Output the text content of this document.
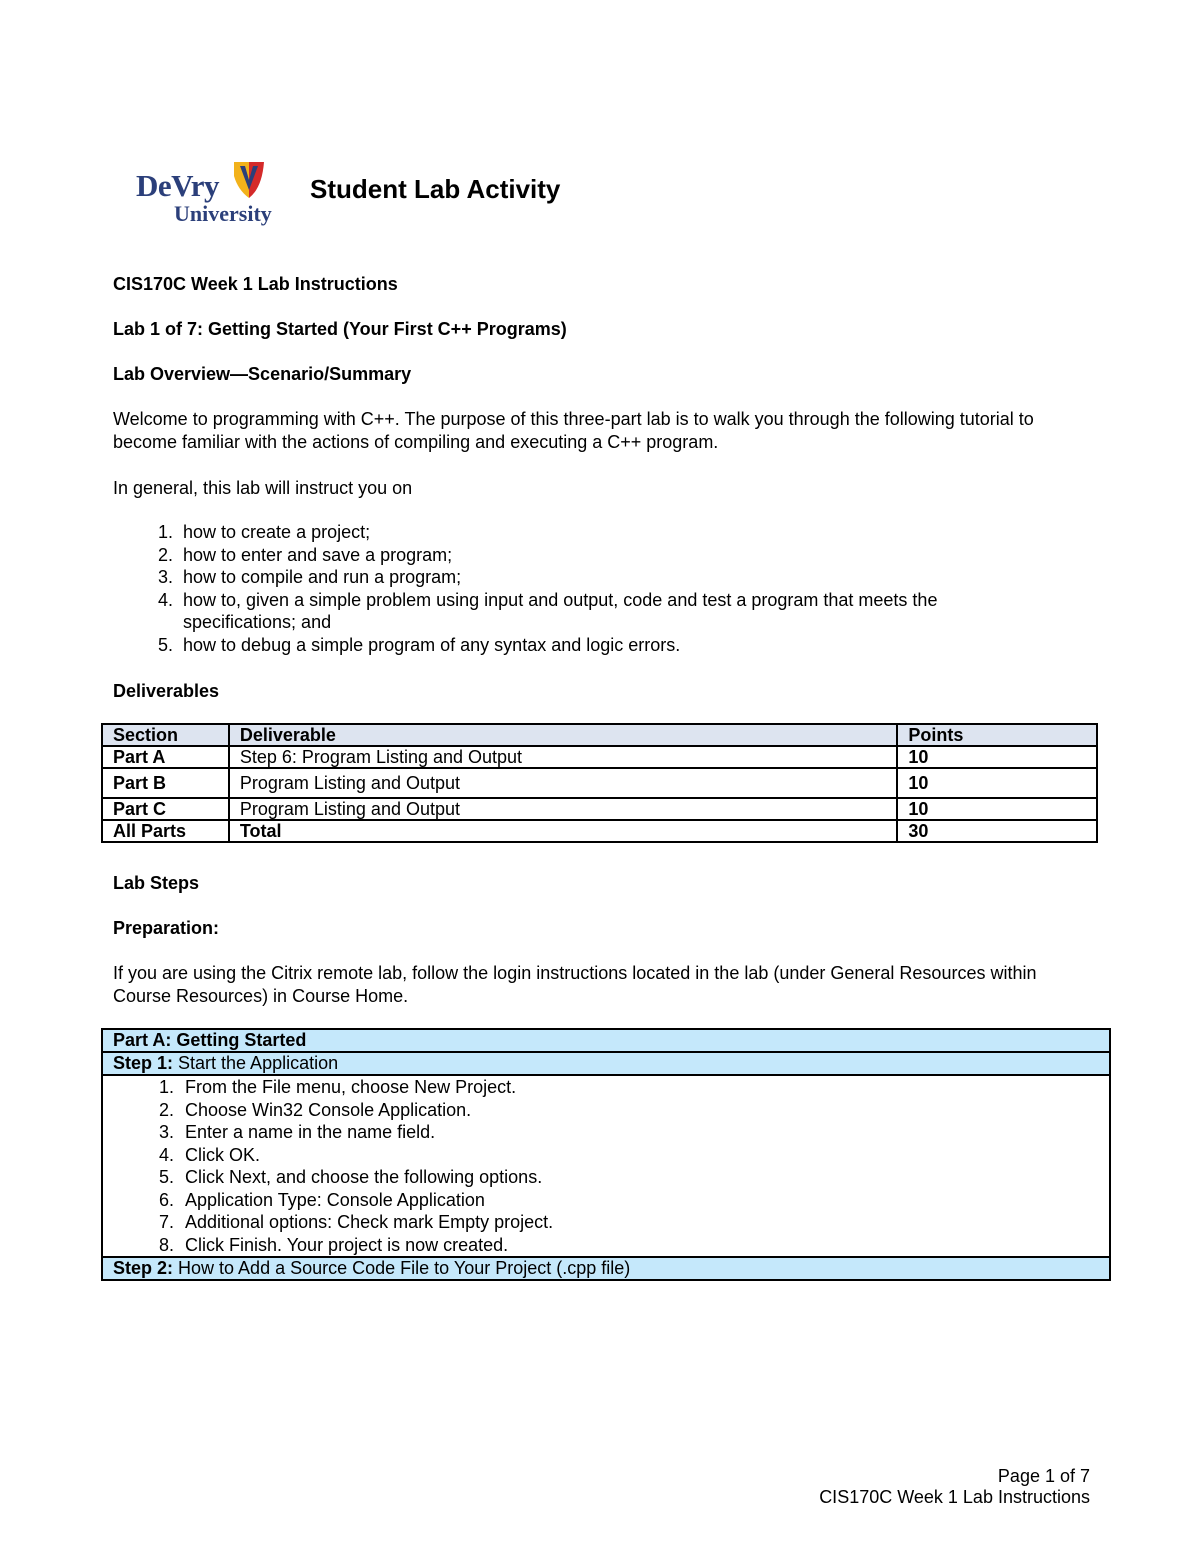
DeVry
University
Student Lab Activity
CIS170C Week 1 Lab Instructions
Lab 1 of 7: Getting Started (Your First C++ Programs)
Lab Overview—Scenario/Summary
Welcome to programming with C++. The purpose of this three-part lab is to walk you through the following tutorial to become familiar with the actions of compiling and executing a C++ program.
In general, this lab will instruct you on
1. how to create a project;
2. how to enter and save a program;
3. how to compile and run a program;
4. how to, given a simple problem using input and output, code and test a program that meets the specifications; and
5. how to debug a simple program of any syntax and logic errors.
Deliverables
Section	Deliverable	Points
Part A	Step 6: Program Listing and Output	10
Part B	Program Listing and Output	10
Part C	Program Listing and Output	10
All Parts	Total	30
Lab Steps
Preparation:
If you are using the Citrix remote lab, follow the login instructions located in the lab (under General Resources within Course Resources) in Course Home.
Part A: Getting Started
Step 1: Start the Application

1. From the File menu, choose New Project.
2. Choose Win32 Console Application.
3. Enter a name in the name field.
4. Click OK.
5. Click Next, and choose the following options.
6. Application Type: Console Application
7. Additional options: Check mark Empty project.
8. Click Finish. Your project is now created.

Step 2: How to Add a Source Code File to Your Project (.cpp file)
Page 1 of 7
CIS170C Week 1 Lab Instructions
